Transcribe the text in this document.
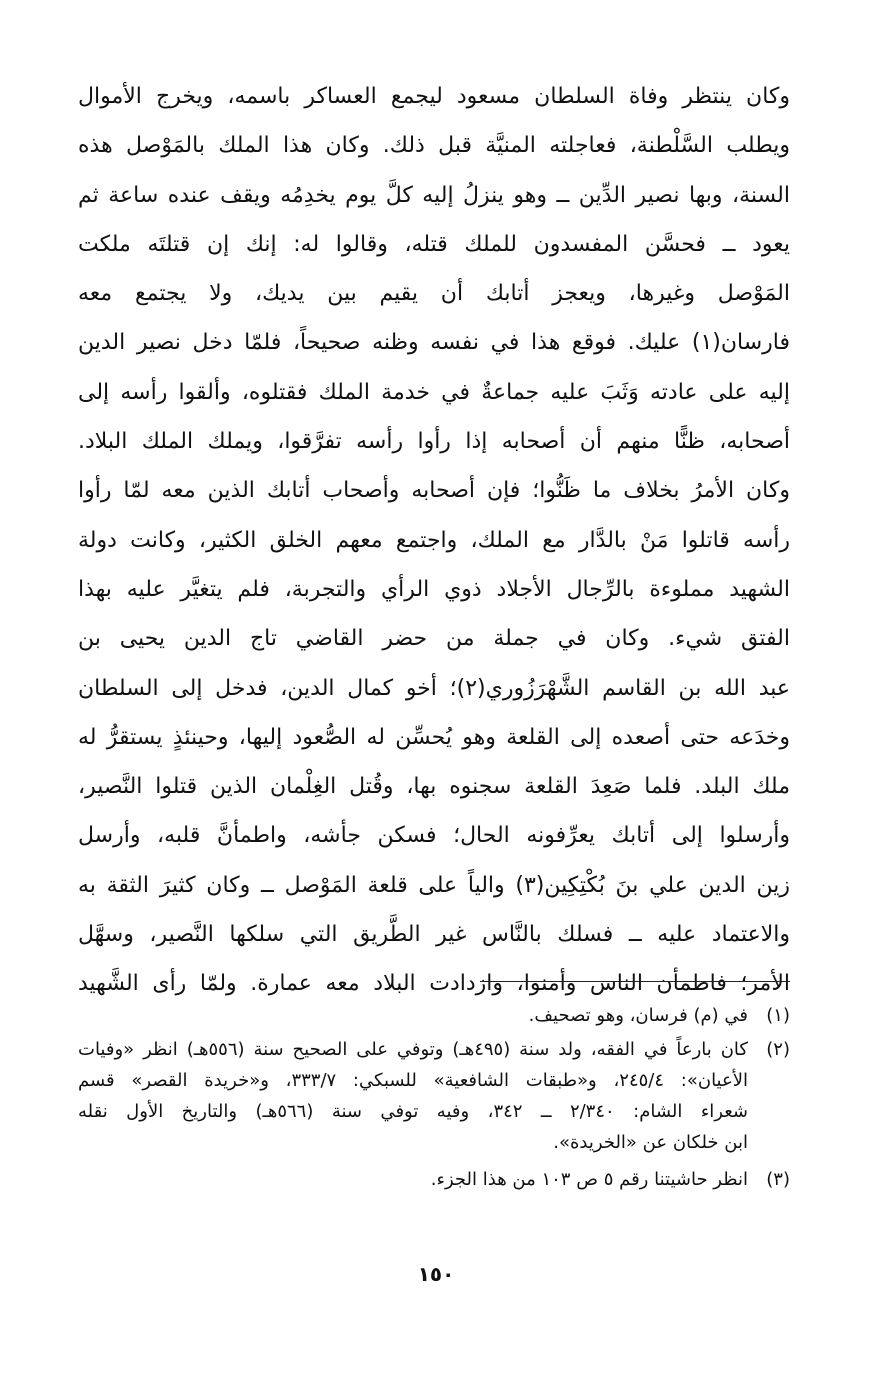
وكان ينتظر وفاة السلطان مسعود ليجمع العساكر باسمه، ويخرج الأموال
ويطلب السَّلْطنة، فعاجلته المنيَّة قبل ذلك. وكان هذا الملك بالمَوْصل هذه
السنة، وبها نصير الدِّين ــ وهو ينزلُ إليه كلَّ يوم يخدِمُه ويقف عنده ساعة ثم
يعود ــ فحسَّن المفسدون للملك قتله، وقالوا له: إنك إن قتلتَه ملكت
المَوْصل وغيرها، ويعجز أتابك أن يقيم بين يديك، ولا يجتمع معه
فارسان(١) عليك. فوقع هذا في نفسه وظنه صحيحاً، فلمّا دخل نصير الدين
إليه على عادته وَثَبَ عليه جماعةٌ في خدمة الملك فقتلوه، وألقوا رأسه إلى
أصحابه، ظنًّا منهم أن أصحابه إذا رأوا رأسه تفرَّقوا، ويملك الملك البلاد.
وكان الأمرُ بخلاف ما ظَنُّوا؛ فإن أصحابه وأصحاب أتابك الذين معه لمّا رأوا
رأسه قاتلوا مَنْ بالدَّار مع الملك، واجتمع معهم الخلق الكثير، وكانت دولة
الشهيد مملوءة بالرِّجال الأجلاد ذوي الرأي والتجربة، فلم يتغيَّر عليه بهذا
الفتق شيء. وكان في جملة من حضر القاضي تاج الدين يحيى بن
عبد الله بن القاسم الشَّهْرَزُوري(٢)؛ أخو كمال الدين، فدخل إلى السلطان
وخدَعه حتى أصعده إلى القلعة وهو يُحسِّن له الصُّعود إليها، وحينئذٍ يستقرُّ له
ملك البلد. فلما صَعِدَ القلعة سجنوه بها، وقُتل الغِلْمان الذين قتلوا النَّصير،
وأرسلوا إلى أتابك يعرِّفونه الحال؛ فسكن جأشه، واطمأنَّ قلبه، وأرسل
زين الدين علي بنَ بُكْتِكِين(٣) والياً على قلعة المَوْصل ــ وكان كثيرَ الثقة به
والاعتماد عليه ــ فسلك بالنَّاس غير الطَّريق التي سلكها النَّصير، وسهَّل
الأمر؛ فاطمأن الناس وأمنوا، وازدادت البلاد معه عمارة. ولمّا رأى الشَّهيد
(١)
في (م) فرسان، وهو تصحيف.
(٢)
كان بارعاً في الفقه، ولد سنة (٤٩٥هـ) وتوفي على الصحيح سنة (٥٥٦هـ) انظر «وفيات
الأعيان»: ٢٤٥/٤، و«طبقات الشافعية» للسبكي: ٣٣٣/٧، و«خريدة القصر» قسم
شعراء الشام: ٢/٣٤٠ ــ ٣٤٢، وفيه توفي سنة (٥٦٦هـ) والتاريخ الأول نقله
ابن خلكان عن «الخريدة».
(٣)
انظر حاشيتنا رقم ٥ ص ١٠٣ من هذا الجزء.
١٥٠
